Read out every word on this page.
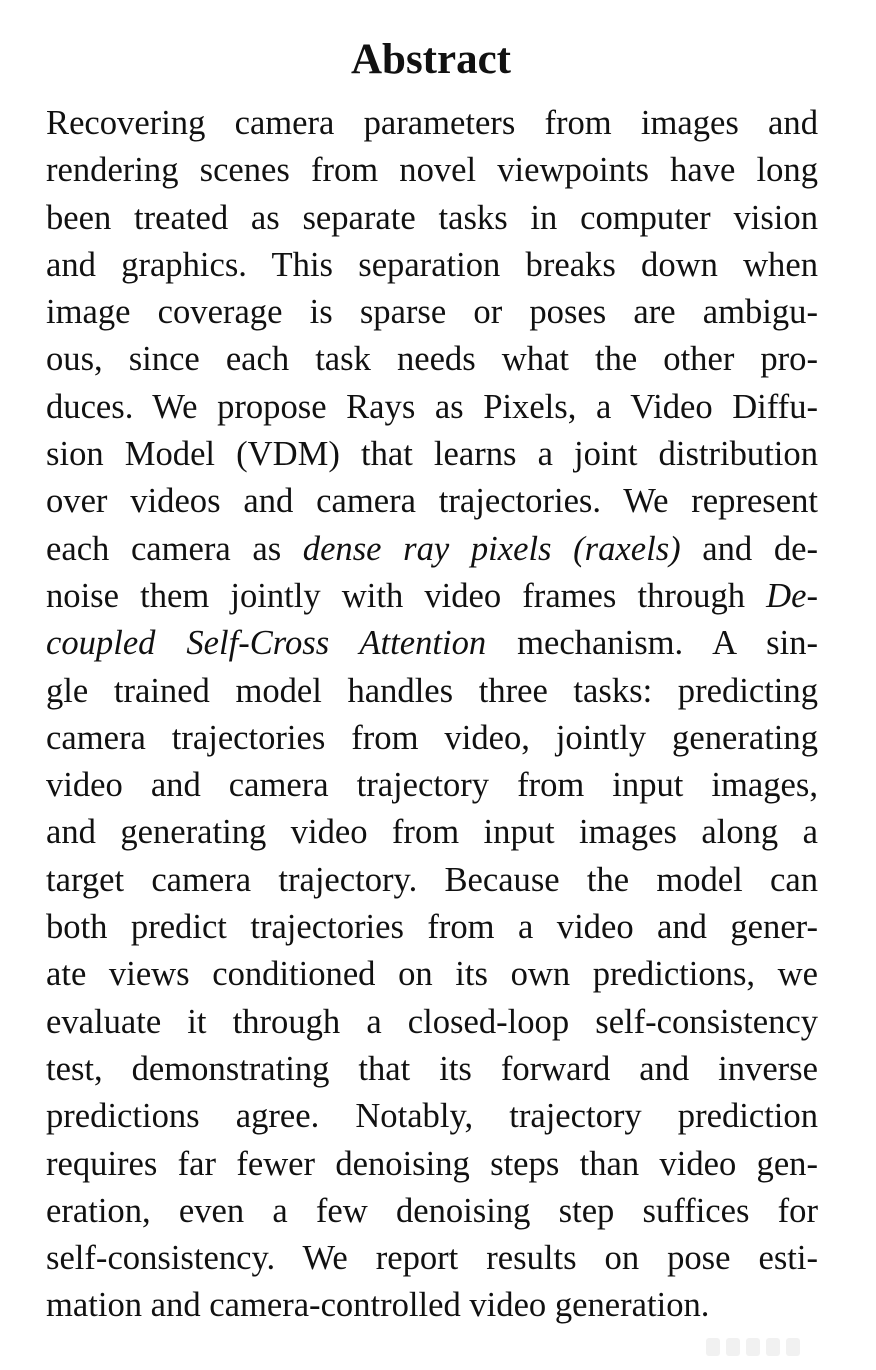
Abstract
Recovering camera parameters from images and
rendering scenes from novel viewpoints have long
been treated as separate tasks in computer vision
and graphics. This separation breaks down when
image coverage is sparse or poses are ambigu-
ous, since each task needs what the other pro-
duces. We propose Rays as Pixels, a Video Diffu-
sion Model (VDM) that learns a joint distribution
over videos and camera trajectories. We represent
each camera as dense ray pixels (raxels) and de-
noise them jointly with video frames through De-
coupled Self-Cross Attention mechanism. A sin-
gle trained model handles three tasks: predicting
camera trajectories from video, jointly generating
video and camera trajectory from input images,
and generating video from input images along a
target camera trajectory. Because the model can
both predict trajectories from a video and gener-
ate views conditioned on its own predictions, we
evaluate it through a closed-loop self-consistency
test, demonstrating that its forward and inverse
predictions agree. Notably, trajectory prediction
requires far fewer denoising steps than video gen-
eration, even a few denoising step suffices for
self-consistency. We report results on pose esti-
mation and camera-controlled video generation.
